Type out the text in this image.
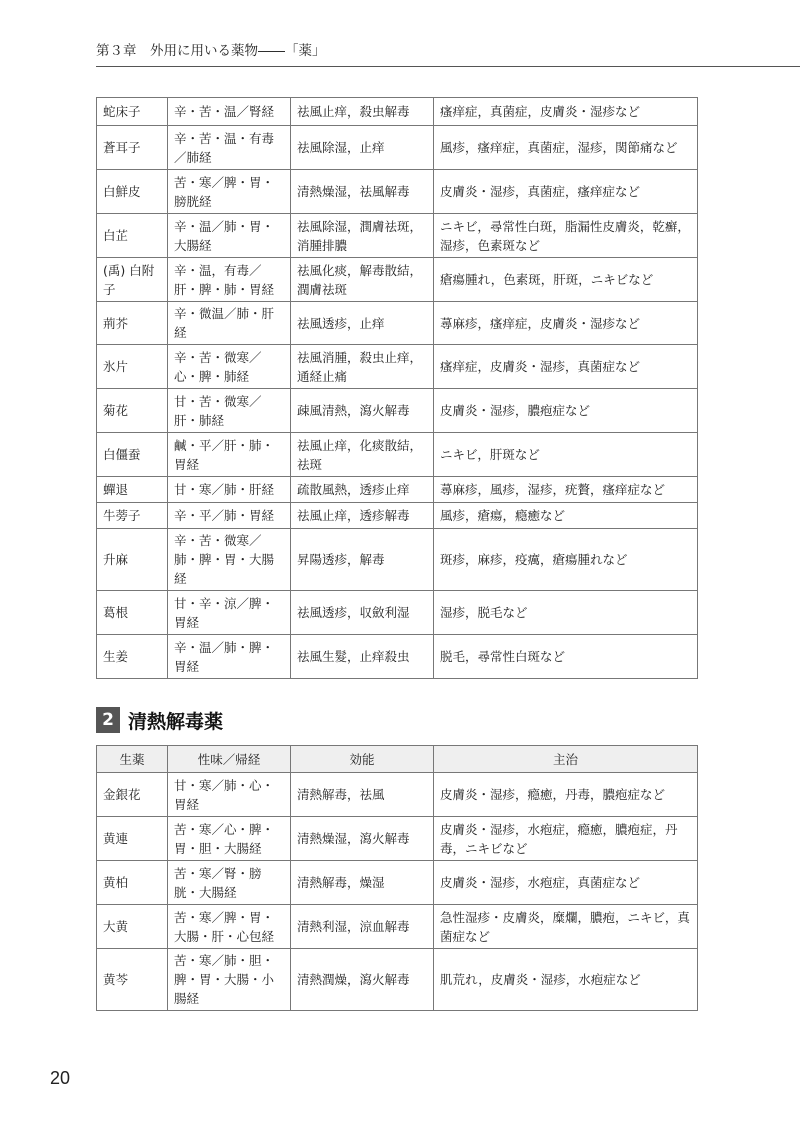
第３章　外用に用いる薬物――「薬」
蛇床子	辛・苦・温／腎経	祛風止痒，殺虫解毒	瘙痒症，真菌症，皮膚炎・湿疹など
蒼耳子	辛・苦・温・有毒／肺経	祛風除湿，止痒	風疹，瘙痒症，真菌症，湿疹，関節痛など
白鮮皮	苦・寒／脾・胃・膀胱経	清熱燥湿，祛風解毒	皮膚炎・湿疹，真菌症，瘙痒症など
白芷	辛・温／肺・胃・大腸経	祛風除湿，潤膚祛斑，消腫排膿	ニキビ，尋常性白斑，脂漏性皮膚炎，乾癬，湿疹，色素斑など
(禹) 白附子	辛・温，有毒／肝・脾・肺・胃経	祛風化痰，解毒散結，潤膚祛斑	瘡瘍腫れ，色素斑，肝斑，ニキビなど
荊芥	辛・微温／肺・肝経	祛風透疹，止痒	蕁麻疹，瘙痒症，皮膚炎・湿疹など
氷片	辛・苦・微寒／心・脾・肺経	祛風消腫，殺虫止痒，通経止痛	瘙痒症，皮膚炎・湿疹，真菌症など
菊花	甘・苦・微寒／肝・肺経	疎風清熱，瀉火解毒	皮膚炎・湿疹，膿疱症など
白僵蚕	鹹・平／肝・肺・胃経	祛風止痒，化痰散結，祛斑	ニキビ，肝斑など
蟬退	甘・寒／肺・肝経	疏散風熱，透疹止痒	蕁麻疹，風疹，湿疹，疣贅，瘙痒症など
牛蒡子	辛・平／肺・胃経	祛風止痒，透疹解毒	風疹，瘡瘍，瘾癒など
升麻	辛・苦・微寒／肺・脾・胃・大腸経	昇陽透疹，解毒	斑疹，麻疹，疫癘，瘡瘍腫れなど
葛根	甘・辛・涼／脾・胃経	祛風透疹，収斂利湿	湿疹，脱毛など
生姜	辛・温／肺・脾・胃経	祛風生髮，止痒殺虫	脱毛，尋常性白斑など
2 清熱解毒薬
生薬	性味／帰経	効能	主治
金銀花	甘・寒／肺・心・胃経	清熱解毒，祛風	皮膚炎・湿疹，瘾癒，丹毒，膿疱症など
黄連	苦・寒／心・脾・胃・胆・大腸経	清熱燥湿，瀉火解毒	皮膚炎・湿疹，水疱症，瘾癒，膿疱症，丹毒，ニキビなど
黄柏	苦・寒／腎・膀胱・大腸経	清熱解毒，燥湿	皮膚炎・湿疹，水疱症，真菌症など
大黄	苦・寒／脾・胃・大腸・肝・心包経	清熱利湿，涼血解毒	急性湿疹・皮膚炎，糜爛，膿疱，ニキビ，真菌症など
黄芩	苦・寒／肺・胆・脾・胃・大腸・小腸経	清熱潤燥，瀉火解毒	肌荒れ，皮膚炎・湿疹，水疱症など
20
